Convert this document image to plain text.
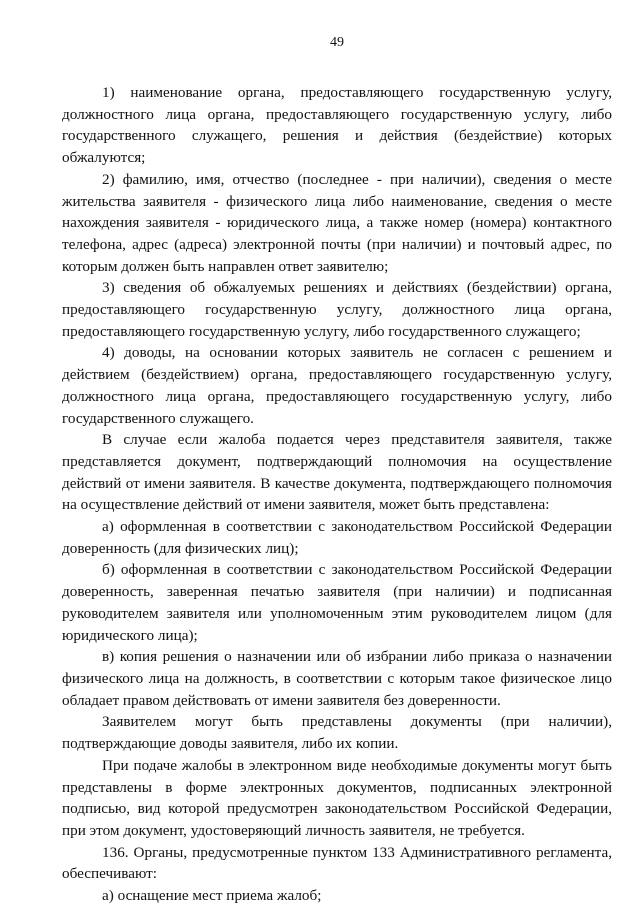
49

1) наименование органа, предоставляющего государственную услугу, должностного лица органа, предоставляющего государственную услугу, либо государственного служащего, решения и действия (бездействие) которых обжалуются;

2) фамилию, имя, отчество (последнее - при наличии), сведения о месте жительства заявителя - физического лица либо наименование, сведения о месте нахождения заявителя - юридического лица, а также номер (номера) контактного телефона, адрес (адреса) электронной почты (при наличии) и почтовый адрес, по которым должен быть направлен ответ заявителю;

3) сведения об обжалуемых решениях и действиях (бездействии) органа, предоставляющего государственную услугу, должностного лица органа, предоставляющего государственную услугу, либо государственного служащего;

4) доводы, на основании которых заявитель не согласен с решением и действием (бездействием) органа, предоставляющего государственную услугу, должностного лица органа, предоставляющего государственную услугу, либо государственного служащего.

В случае если жалоба подается через представителя заявителя, также представляется документ, подтверждающий полномочия на осуществление действий от имени заявителя. В качестве документа, подтверждающего полномочия на осуществление действий от имени заявителя, может быть представлена:

а) оформленная в соответствии с законодательством Российской Федерации доверенность (для физических лиц);

б) оформленная в соответствии с законодательством Российской Федерации доверенность, заверенная печатью заявителя (при наличии) и подписанная руководителем заявителя или уполномоченным этим руководителем лицом (для юридического лица);

в) копия решения о назначении или об избрании либо приказа о назначении физического лица на должность, в соответствии с которым такое физическое лицо обладает правом действовать от имени заявителя без доверенности.

Заявителем могут быть представлены документы (при наличии), подтверждающие доводы заявителя, либо их копии.

При подаче жалобы в электронном виде необходимые документы могут быть представлены в форме электронных документов, подписанных электронной подписью, вид которой предусмотрен законодательством Российской Федерации, при этом документ, удостоверяющий личность заявителя, не требуется.

136. Органы, предусмотренные пунктом 133 Административного регламента, обеспечивают:

а) оснащение мест приема жалоб;
